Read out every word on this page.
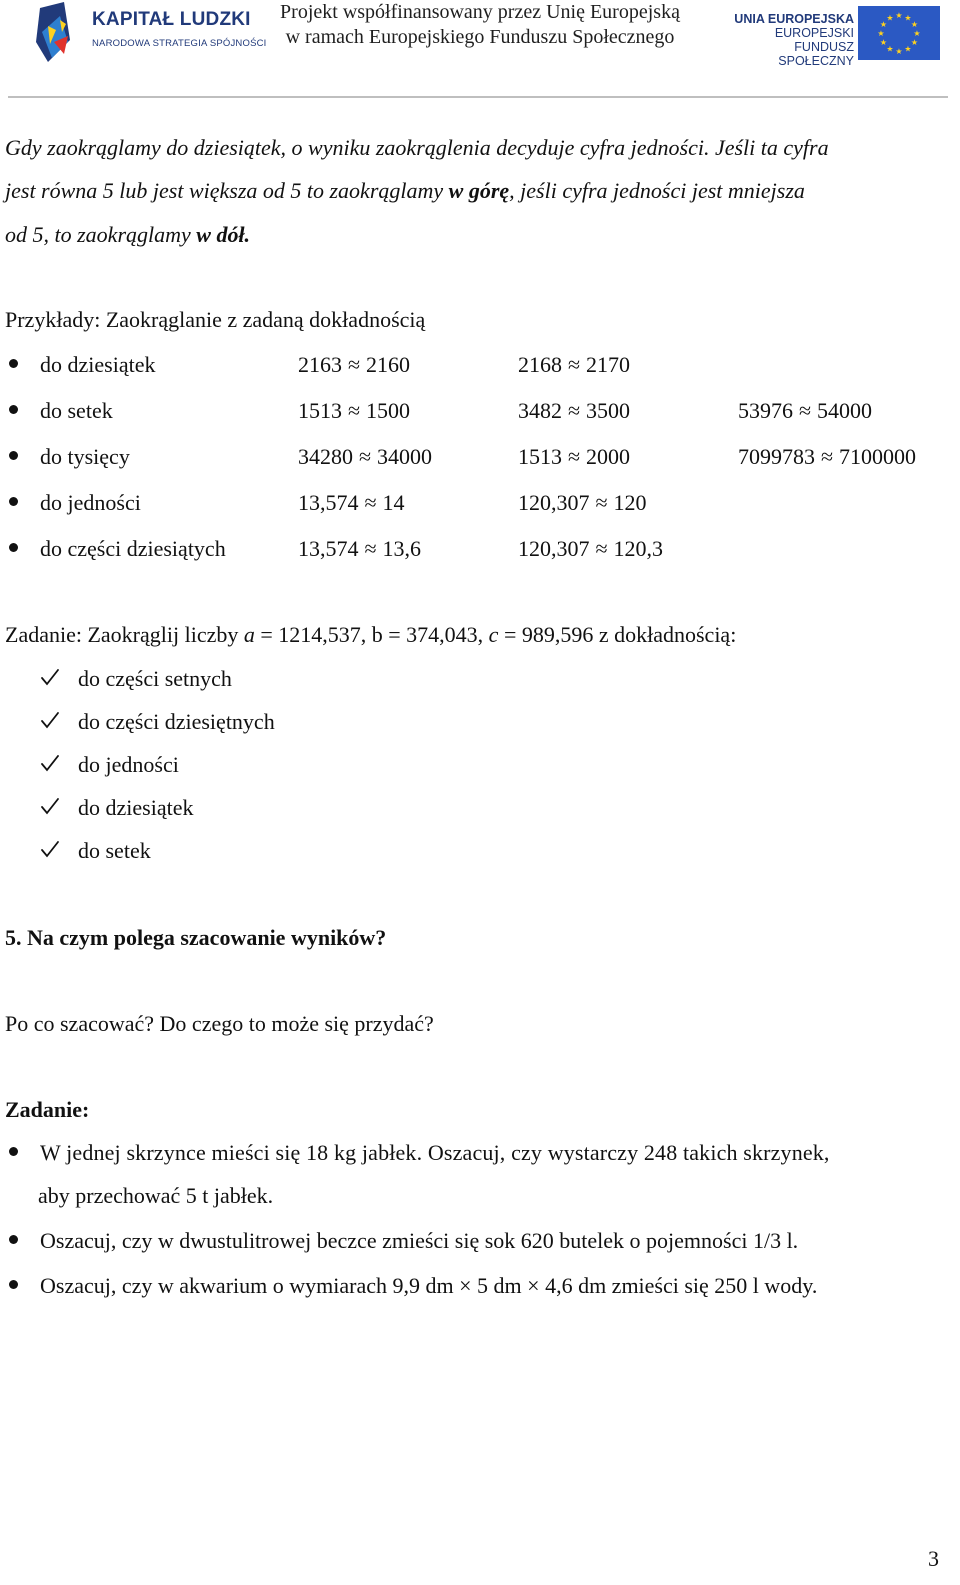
KAPITAŁ LUDZKI
NARODOWA STRATEGIA SPÓJNOŚCI
Projekt współfinansowany przez Unię Europejską
w ramach Europejskiego Funduszu Społecznego
UNIA EUROPEJSKA
EUROPEJSKI
FUNDUSZ SPOŁECZNY
★ ★
★
★
★
★
★
★
★
★
★
★
Gdy zaokrąglamy do dziesiątek, o wyniku zaokrąglenia decyduje cyfra jedności. Jeśli ta cyfra
jest równa 5 lub jest większa od 5 to zaokrąglamy w górę, jeśli cyfra jedności jest mniejsza
od 5, to zaokrąglamy w dół.
Przykłady: Zaokrąglanie z zadaną dokładnością
do dziesiątek	2163 ≈ 2160	2168 ≈ 2170
do setek	1513 ≈ 1500	3482 ≈ 3500	53976 ≈ 54000
do tysięcy	34280 ≈ 34000	1513 ≈ 2000	7099783 ≈ 7100000
do jedności	13,574 ≈ 14	120,307 ≈ 120
do części dziesiątych	13,574 ≈ 13,6	120,307 ≈ 120,3
Zadanie: Zaokrąglij liczby a = 1214,537, b = 374,043, c = 989,596 z dokładnością:
do części setnych
do części dziesiętnych
do jedności
do dziesiątek
do setek
5. Na czym polega szacowanie wyników?
Po co szacować? Do czego to może się przydać?
Zadanie:
W jednej skrzynce mieści się 18 kg jabłek. Oszacuj, czy wystarczy 248 takich skrzynek,
aby przechować 5 t jabłek.
Oszacuj, czy w dwustulitrowej beczce zmieści się sok 620 butelek o pojemności 1/3 l.
Oszacuj, czy w akwarium o wymiarach 9,9 dm × 5 dm × 4,6 dm zmieści się 250 l wody.
3
